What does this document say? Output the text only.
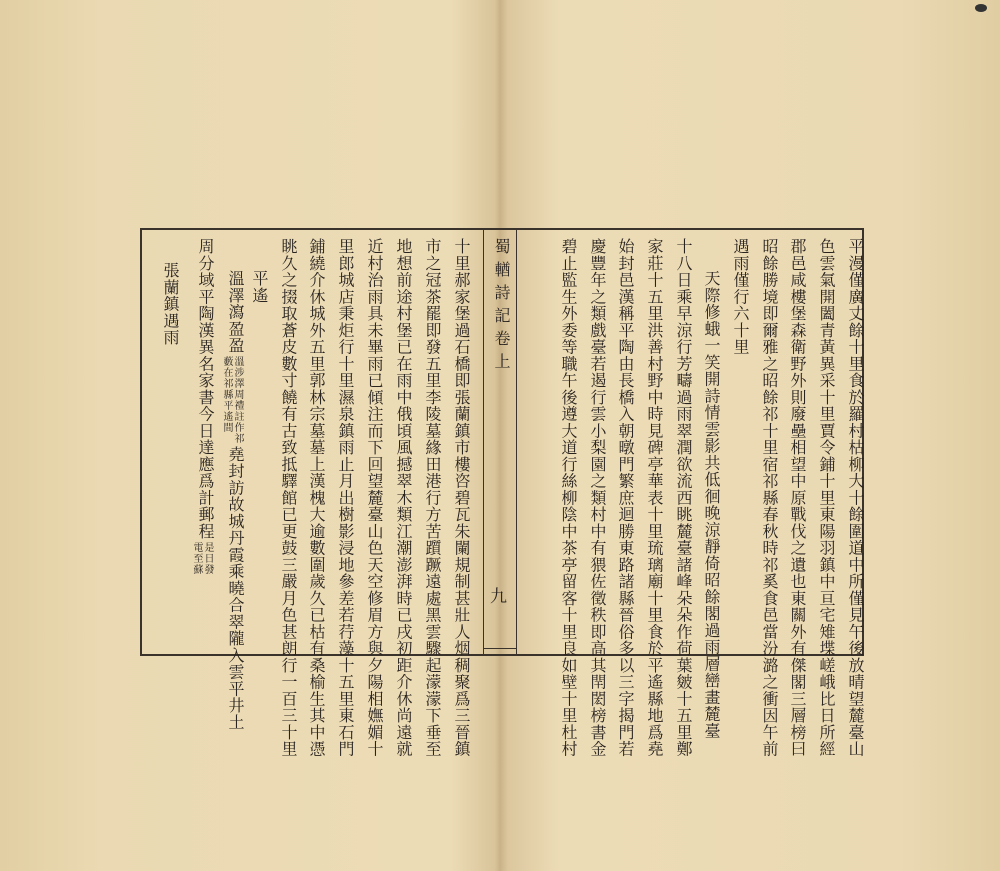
蜀輶詩記卷上
九	平漫僅廣丈餘十里食於羅村枯柳大十餘圍道中所僅見午後放晴望麓臺山
色雲氣開闔青黃異采十里賈令鋪十里東陽羽鎮中亘宅雉堞嵯峨比日所經
郡邑咸樓堡森衛野外則廢壘相望中原戰伐之遺也東關外有傑閣三層榜曰
昭餘勝境即爾雅之昭餘祁十里宿祁縣春秋時祁奚食邑當汾潞之衝因午前
遇雨僅行六十里
天際修蛾一笑開詩情雲影共低徊晚涼靜倚昭餘閣過雨層巒畫麓臺
十八日乘早涼行芳疇過雨翠潤欲流西眺麓臺諸峰朵朵作荷葉皴十五里鄭
家莊十五里洪善村野中時見碑亭華表十里琉璃廟十里食於平遙縣地爲堯
始封邑漢稱平陶由長橋入朝暾門繁庶迴勝東路諸縣晉俗多以三字揭門若
慶豐年之類戲臺若遏行雲小梨園之類村中有猥佐徵秩即高其閈閎榜書金
碧止監生外委等職午後遵大道行絲柳陰中茶亭留客十里良如壁十里杜村
十里郝家堡過石橋即張蘭鎮市樓咨碧瓦朱闌規制甚壯人烟稠聚爲三晉鎮
市之冠茶罷即發五里李陵墓緣田港行方苦躓蹶遠處黑雲驟起濛濛下垂至
地想前途村堡已在雨中俄頃風撼翠木類江潮澎湃時已戌初距介休尚遠就
近村治雨具未畢雨已傾注而下回望麓臺山色天空修眉方與夕陽相嫵媚十
里郎城店秉炬行十里濕泉鎮雨止月出樹影浸地參差若荇藻十五里東石門
鋪繞介休城外五里郭林宗墓墓上漢槐大逾數圍歲久已枯有桑榆生其中憑
眺久之掇取蒼皮數寸饒有古致抵驛館已更鼓三嚴月色甚朗行一百三十里
平遙
溫澤瀉盈盈
溫涉澤周禮註作祁
藪在祁縣平遙間
堯封訪故城丹霞乘曉合翠隴入雲平井土
周分域平陶漢異名家書今日達應爲計郵程
是日發
電至蘇
張蘭鎮遇雨
